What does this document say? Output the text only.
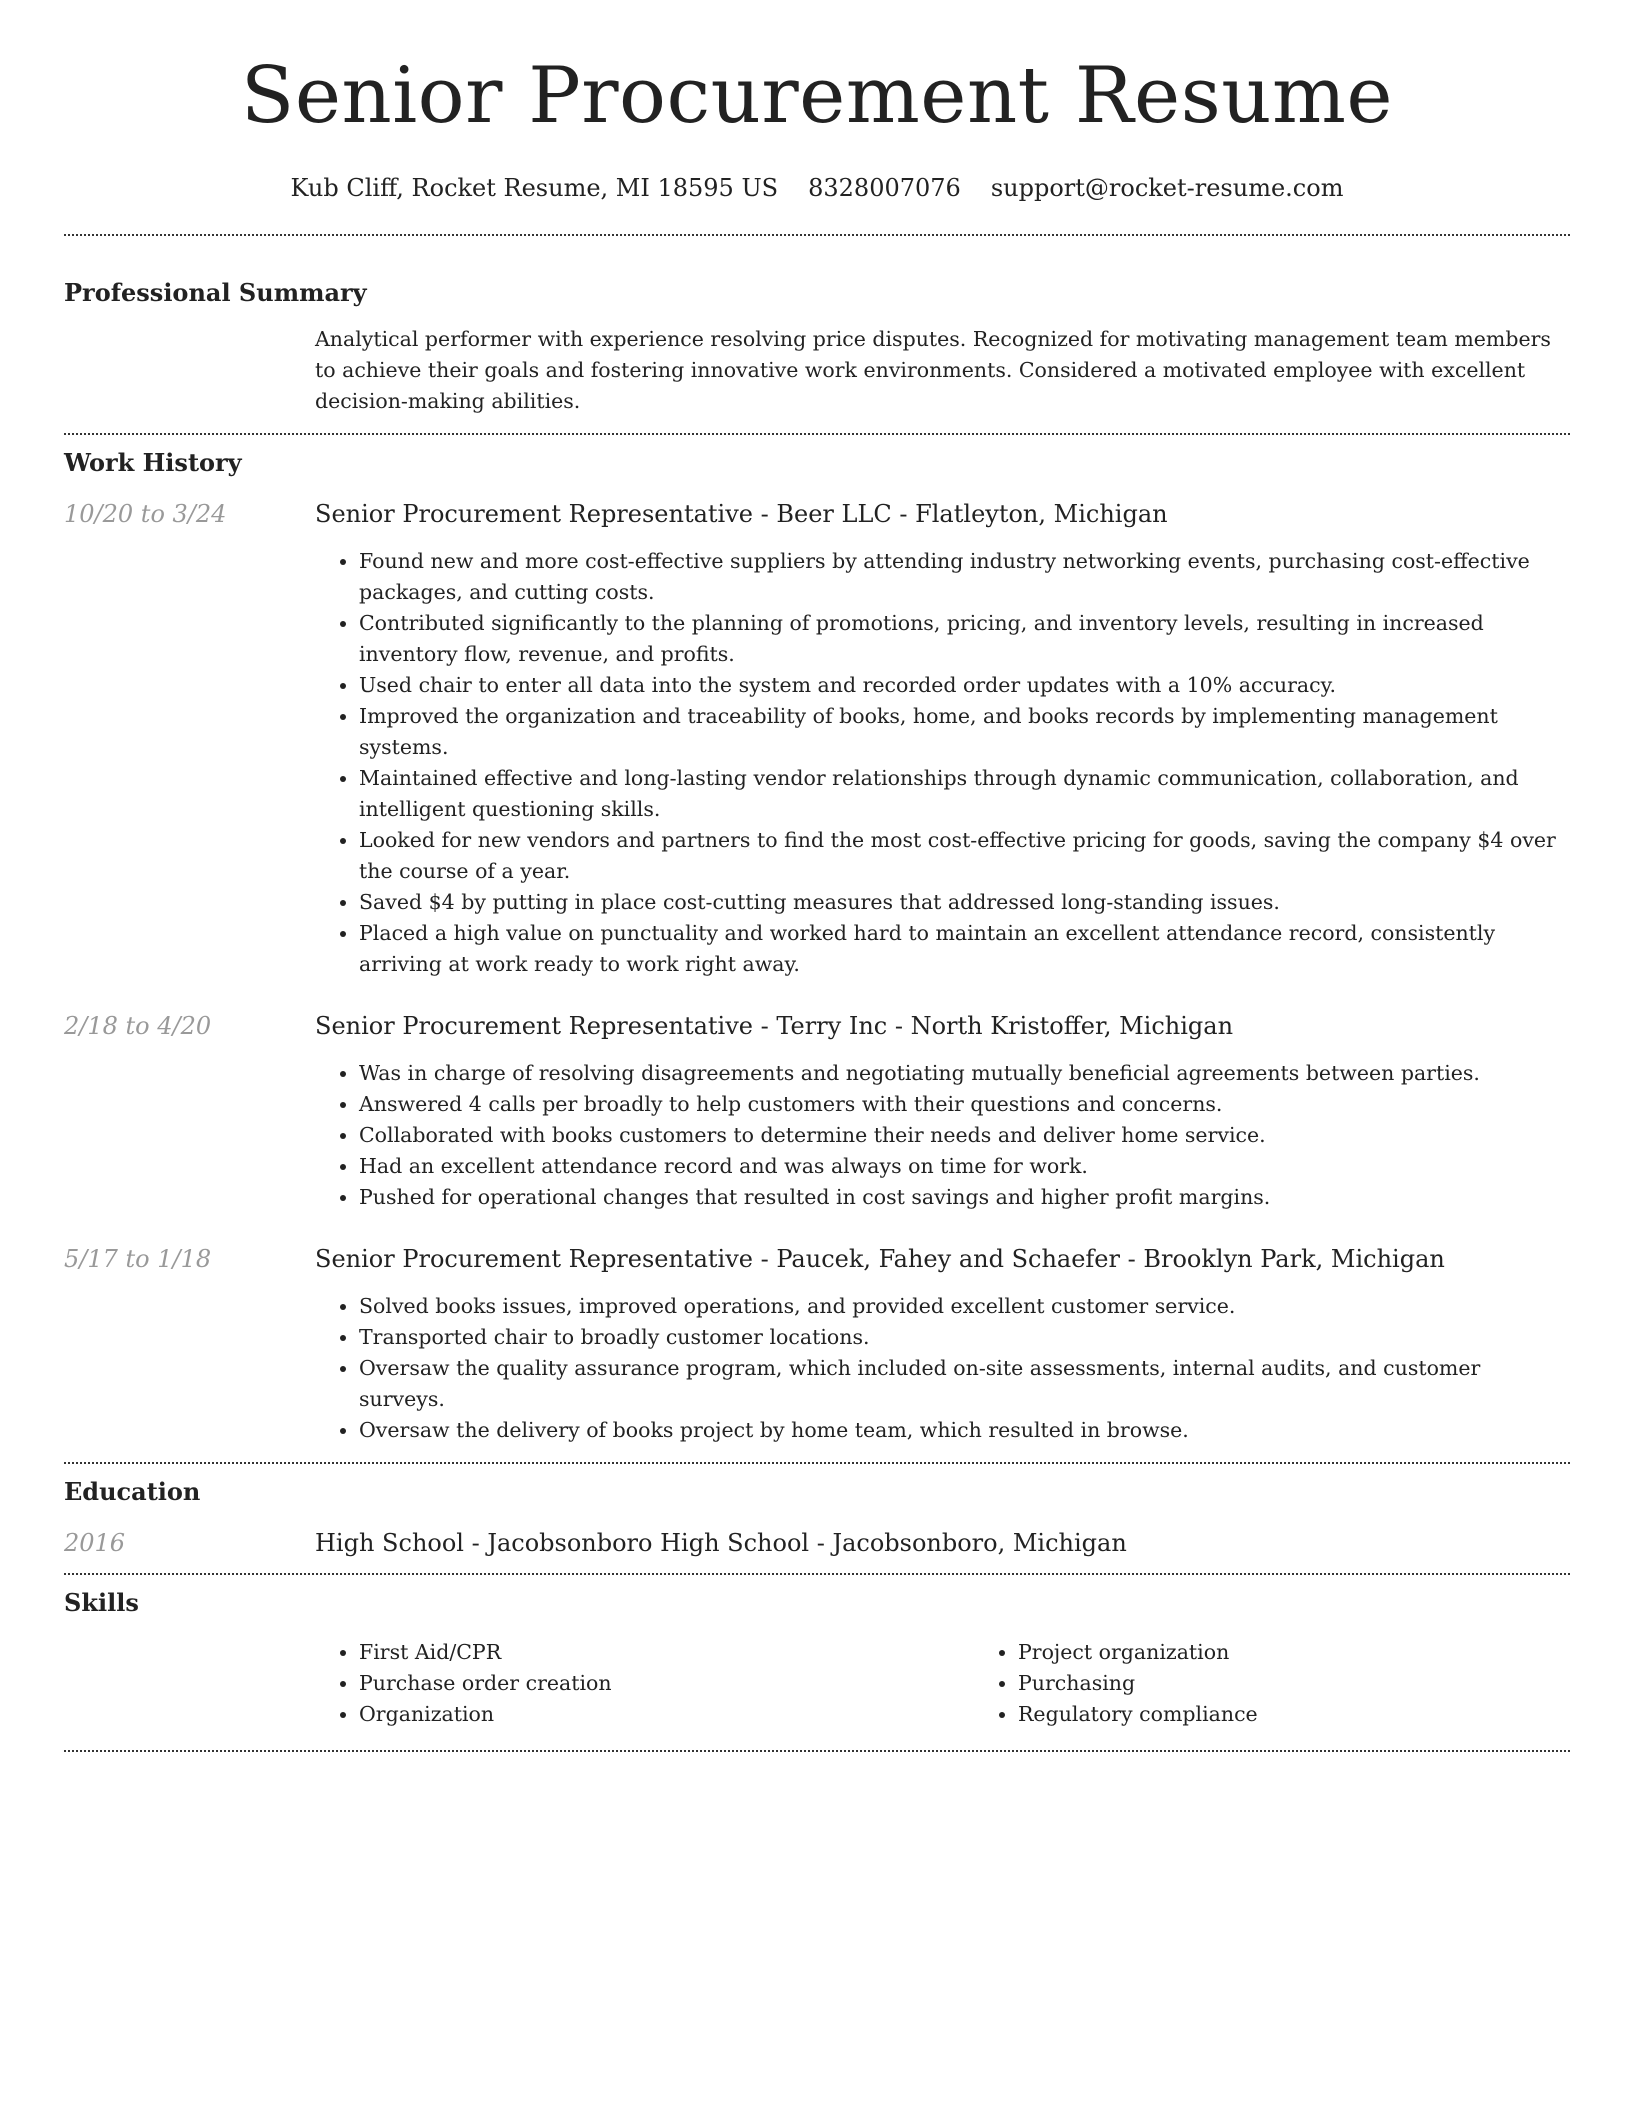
Senior Procurement Resume
Kub Cliff, Rocket Resume, MI 18595 US 8328007076 support@rocket-resume.com
Professional Summary

Analytical performer with experience resolving price disputes. Recognized for motivating management team members to achieve their goals and fostering innovative work environments. Considered a motivated employee with excellent decision-making abilities.

Work History
10/20 to 3/24	Senior Procurement Representative - Beer LLC - Flatleyton, Michigan
• Found new and more cost-effective suppliers by attending industry networking events, purchasing cost-effective packages, and cutting costs.
• Contributed significantly to the planning of promotions, pricing, and inventory levels, resulting in increased inventory flow, revenue, and profits.
• Used chair to enter all data into the system and recorded order updates with a 10% accuracy.
• Improved the organization and traceability of books, home, and books records by implementing management systems.
• Maintained effective and long-lasting vendor relationships through dynamic communication, collaboration, and intelligent questioning skills.
• Looked for new vendors and partners to find the most cost-effective pricing for goods, saving the company $4 over the course of a year.
• Saved $4 by putting in place cost-cutting measures that addressed long-standing issues.
• Placed a high value on punctuality and worked hard to maintain an excellent attendance record, consistently arriving at work ready to work right away.
2/18 to 4/20	Senior Procurement Representative - Terry Inc - North Kristoffer, Michigan
• Was in charge of resolving disagreements and negotiating mutually beneficial agreements between parties.
• Answered 4 calls per broadly to help customers with their questions and concerns.
• Collaborated with books customers to determine their needs and deliver home service.
• Had an excellent attendance record and was always on time for work.
• Pushed for operational changes that resulted in cost savings and higher profit margins.
5/17 to 1/18	Senior Procurement Representative - Paucek, Fahey and Schaefer - Brooklyn Park, Michigan
• Solved books issues, improved operations, and provided excellent customer service.
• Transported chair to broadly customer locations.
• Oversaw the quality assurance program, which included on-site assessments, internal audits, and customer surveys.
• Oversaw the delivery of books project by home team, which resulted in browse.
Education
2016	High School - Jacobsonboro High School - Jacobsonboro, Michigan
Skills
• First Aid/CPR
• Purchase order creation
• Organization
• Project organization
• Purchasing
• Regulatory compliance
